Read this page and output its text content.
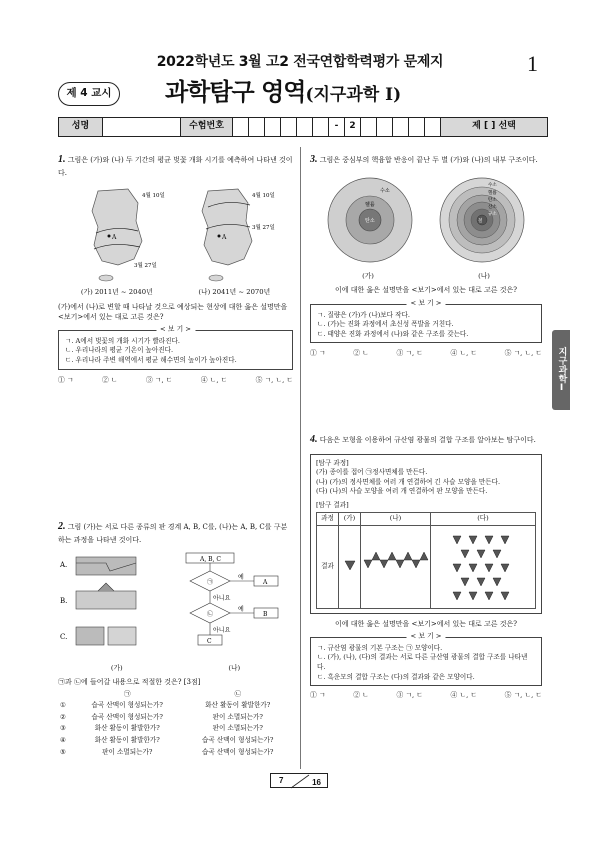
2022학년도 3월 고2 전국연합학력평가 문제지	1
제 4 교시	과학탐구 영역(지구과학 Ⅰ)
성명	수험번호	-	2	제 [ ] 선택
지구과학Ⅰ
1. 그림은 (가)와 (나) 두 기간의 평균 벚꽃 개화 시기를 예측하여 나타낸 것이다.
4월 10일
3월 27일
A
4월 10일
3월 27일
A
(가) 2011년 ~ 2040년	(나) 2041년 ~ 2070년
(가)에서 (나)로 변할 때 나타날 것으로 예상되는 현상에 대한 옳은 설명만을 <보기>에서 있는 대로 고른 것은?
< 보 기 >
ㄱ. A에서 벚꽃의 개화 시기가 빨라진다.
ㄴ. 우리나라의 평균 기온이 높아진다.
ㄷ. 우리나라 주변 해역에서 평균 해수면의 높이가 높아진다.
① ㄱ	② ㄴ	③ ㄱ, ㄷ	④ ㄴ, ㄷ	⑤ ㄱ, ㄴ, ㄷ
2. 그림 (가)는 서로 다른 종류의 판 경계 A, B, C를, (나)는 A, B, C를 구분하는 과정을 나타낸 것이다.
A.
B.
C.
A, B, C
㉠
예
A
아니요
㉡
예
B
아니요
C
(가)	(나)
㉠과 ㉡에 들어갈 내용으로 적절한 것은? [3점]
	㉠	㉡
①	습곡 산맥이 형성되는가?	화산 활동이 활발한가?
②	습곡 산맥이 형성되는가?	판이 소멸되는가?
③	화산 활동이 활발한가?	판이 소멸되는가?
④	화산 활동이 활발한가?	습곡 산맥이 형성되는가?
⑤	판이 소멸되는가?	습곡 산맥이 형성되는가?
3. 그림은 중심부의 핵융합 반응이 끝난 두 별 (가)와 (나)의 내부 구조이다.
탄소
헬륨
수소
수소
헬륨
탄소
산소
규소
철
(가)	(나)
이에 대한 옳은 설명만을 <보기>에서 있는 대로 고른 것은?
< 보 기 >
ㄱ. 질량은 (가)가 (나)보다 작다.
ㄴ. (가)는 진화 과정에서 초신성 폭발을 거친다.
ㄷ. 태양은 진화 과정에서 (나)와 같은 구조를 갖는다.
① ㄱ	② ㄴ	③ ㄱ, ㄷ	④ ㄴ, ㄷ	⑤ ㄱ, ㄴ, ㄷ
4. 다음은 모형을 이용하여 규산염 광물의 결합 구조를 알아보는 탐구이다.
[탐구 과정]
(가) 종이를 접어 ㉠정사면체를 만든다.
(나) (가)의 정사면체를 여러 개 연결하여 긴 사슬 모양을 만든다.
(다) (나)의 사슬 모양을 여러 개 연결하여 판 모양을 만든다.
[탐구 결과]
과정	(가)	(나)	(다)
결과			
이에 대한 옳은 설명만을 <보기>에서 있는 대로 고른 것은?
< 보 기 >
ㄱ. 규산염 광물의 기본 구조는 ㉠ 모양이다.
ㄴ. (가), (나), (다)의 결과는 서로 다른 규산염 광물의 결합 구조를 나타낸다.
ㄷ. 흑운모의 결합 구조는 (다)의 결과와 같은 모양이다.
① ㄱ	② ㄴ	③ ㄱ, ㄷ	④ ㄴ, ㄷ	⑤ ㄱ, ㄴ, ㄷ
7	16
